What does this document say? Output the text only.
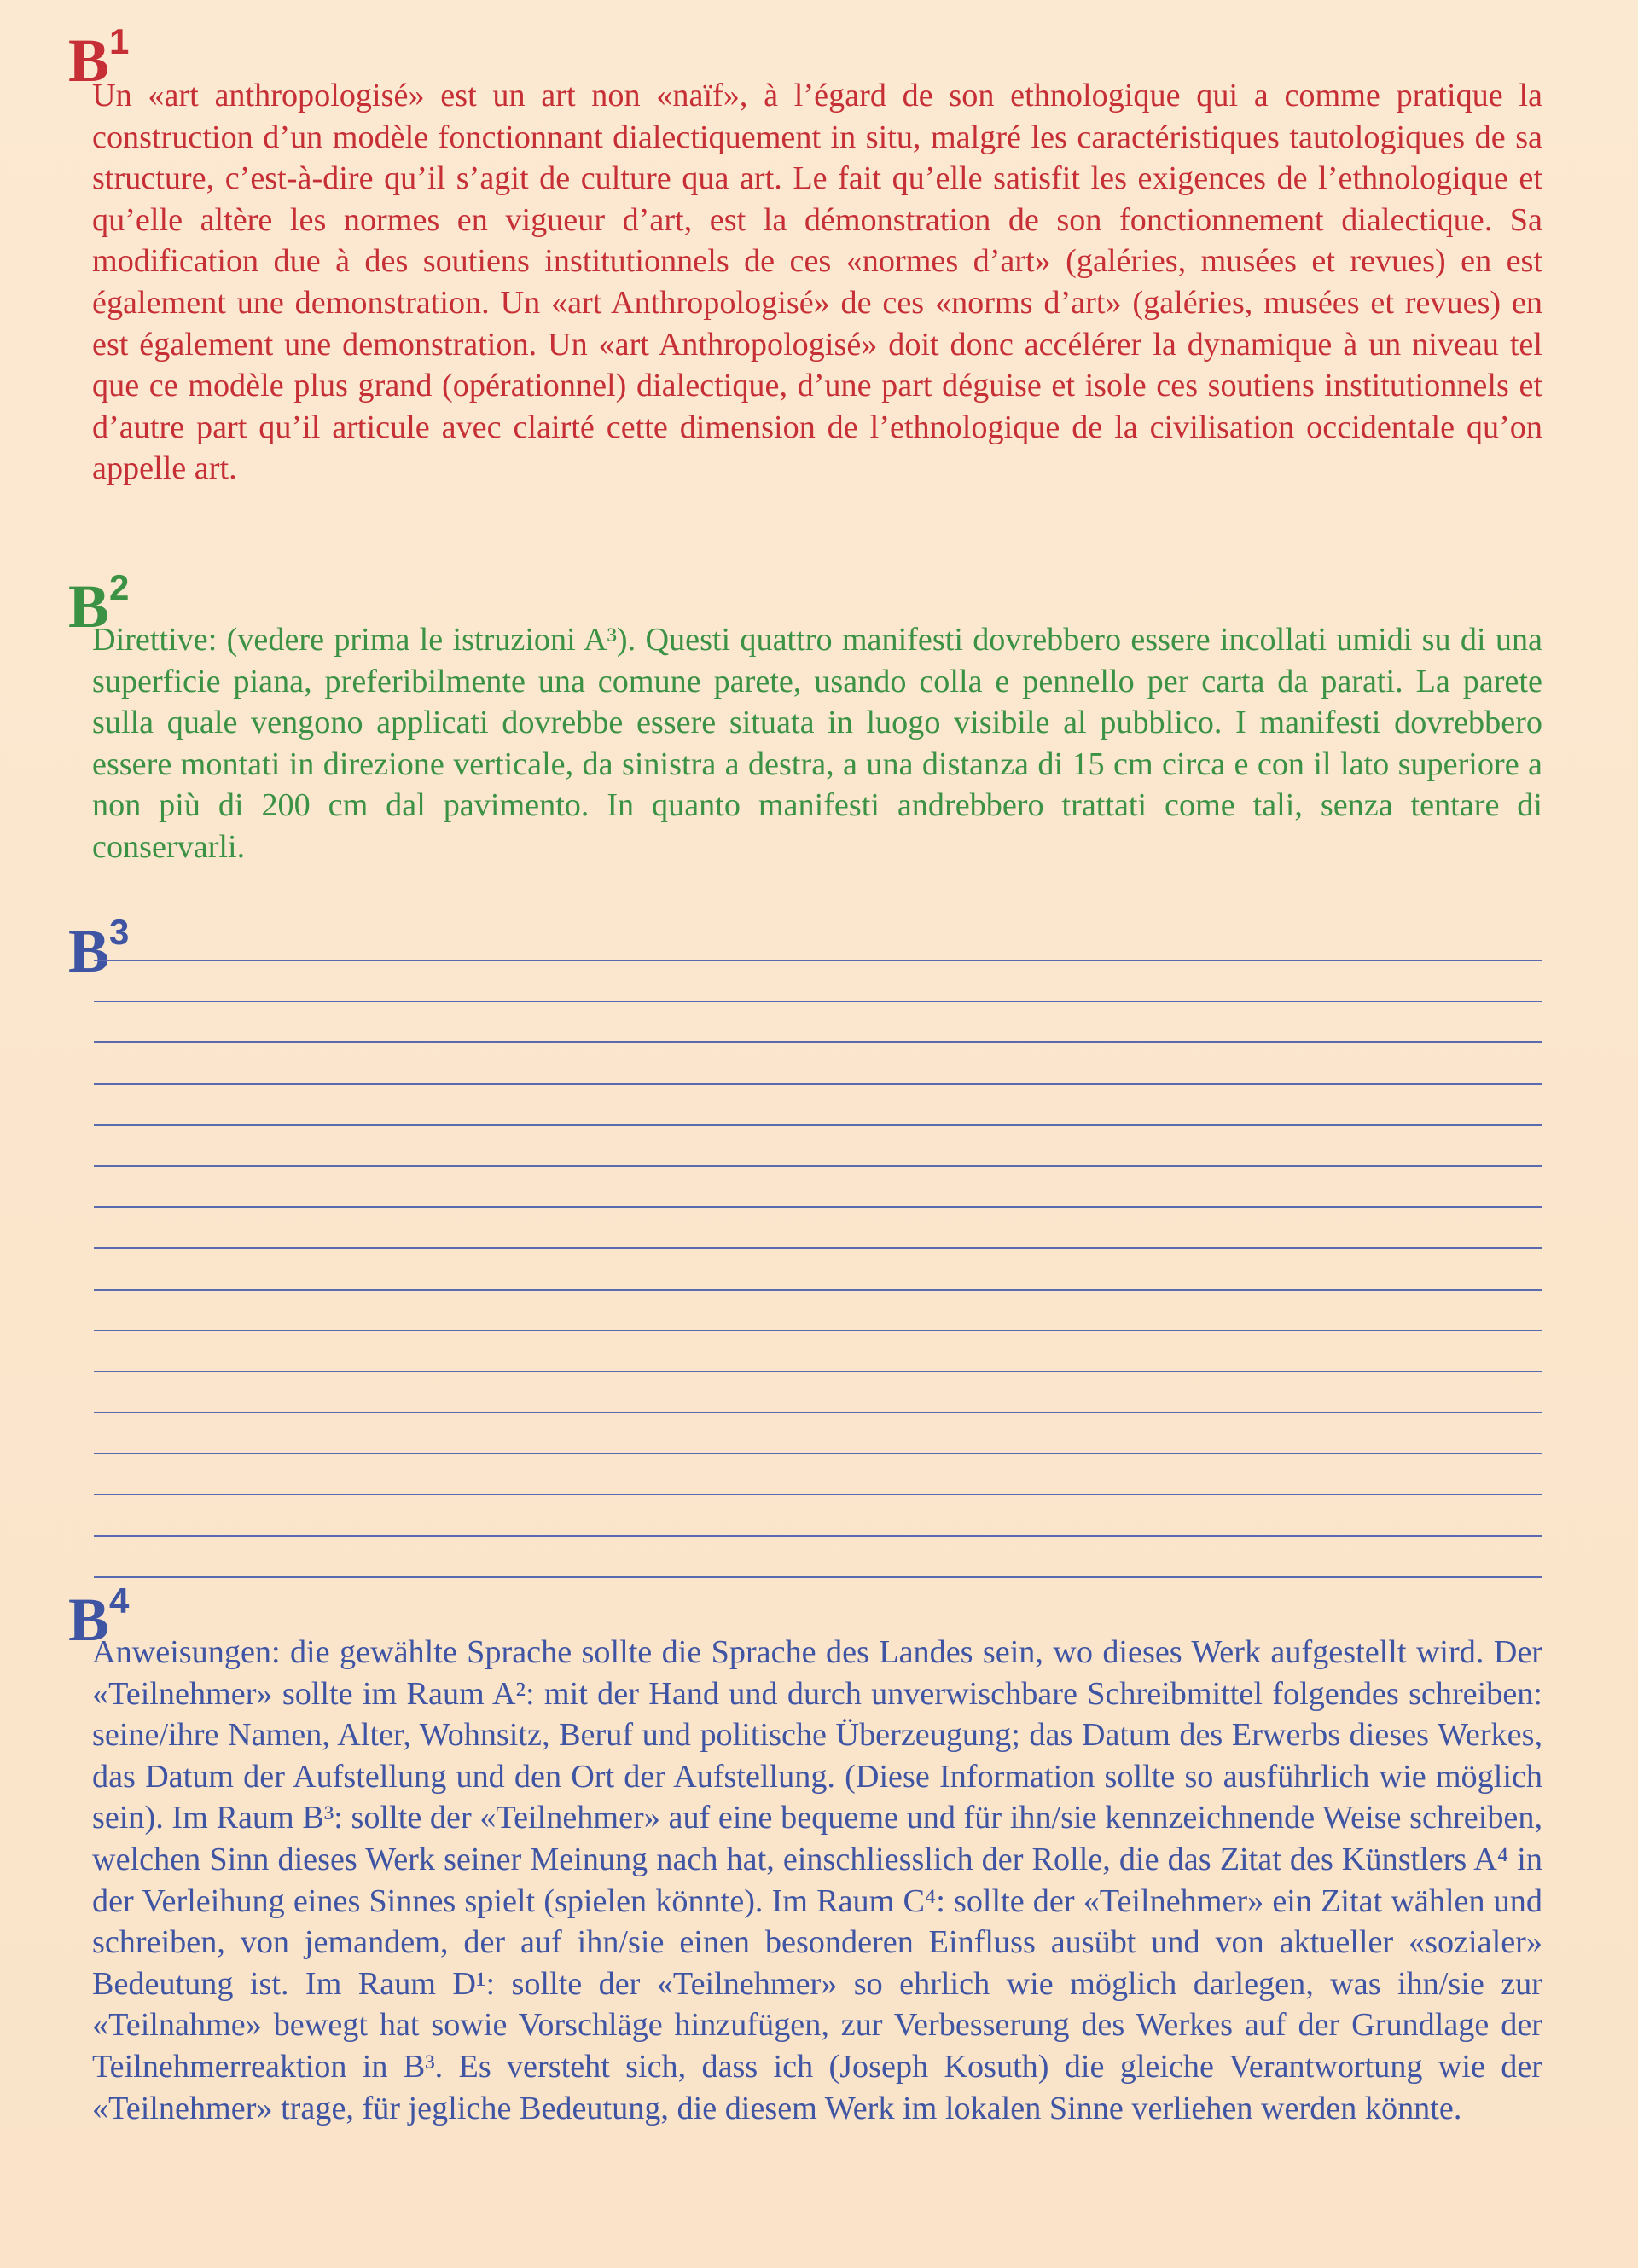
$B^1$

Un «art anthropologisé» est un art non «naïf», à l’égard de son ethnologique qui a comme pratique la construction d’un modèle fonctionnant dialectiquement in situ, malgré les caractéristiques tautologiques de sa structure, c’est-à-dire qu’il s’agit de culture qua art. Le fait qu’elle satisfit les exigences de l’ethnologique et qu’elle altère les normes en vigueur d’art, est la démonstration de son fonctionnement dialectique. Sa modification due à des soutiens institutionnels de ces «normes d’art» (galéries, musées et revues) en est également une demonstration. Un «art Anthropologisé» de ces «norms d’art» (galéries, musées et revues) en est également une demonstration. Un «art Anthropologisé» doit donc accélérer la dynamique à un niveau tel que ce modèle plus grand (opérationnel) dialectique, d’une part déguise et isole ces soutiens institutionnels et d’autre part qu’il articule avec clairté cette dimension de l’ethnologique de la civilisation occidentale qu’on appelle art.

$B^2$

Direttive: (vedere prima le istruzioni A³). Questi quattro manifesti dovrebbero essere incollati umidi su di una superficie piana, preferibilmente una comune parete, usando colla e pennello per carta da parati. La parete sulla quale vengono applicati dovrebbe essere situata in luogo visibile al pubblico. I manifesti dovrebbero essere montati in direzione verticale, da sinistra a destra, a una distanza di 15 cm circa e con il lato superiore a non più di 200 cm dal pavimento. In quanto manifesti andrebbero trattati come tali, senza tentare di conservarli.

$B^3$
$B^4$

Anweisungen: die gewählte Sprache sollte die Sprache des Landes sein, wo dieses Werk aufgestellt wird. Der «Teilnehmer» sollte im Raum A²: mit der Hand und durch unverwischbare Schreibmittel folgendes schreiben: seine/ihre Namen, Alter, Wohnsitz, Beruf und politische Überzeugung; das Datum des Erwerbs dieses Werkes, das Datum der Aufstellung und den Ort der Aufstellung. (Diese Information sollte so ausführlich wie möglich sein). Im Raum B³: sollte der «Teilnehmer» auf eine bequeme und für ihn/sie kennzeichnende Weise schreiben, welchen Sinn dieses Werk seiner Meinung nach hat, einschliesslich der Rolle, die das Zitat des Künstlers A⁴ in der Verleihung eines Sinnes spielt (spielen könnte). Im Raum C⁴: sollte der «Teilnehmer» ein Zitat wählen und schreiben, von jemandem, der auf ihn/sie einen besonderen Einfluss ausübt und von aktueller «sozialer» Bedeutung ist. Im Raum D¹: sollte der «Teilnehmer» so ehrlich wie möglich darlegen, was ihn/sie zur «Teilnahme» bewegt hat sowie Vorschläge hinzufügen, zur Verbesserung des Werkes auf der Grundlage der Teilnehmerreaktion in B³. Es versteht sich, dass ich (Joseph Kosuth) die gleiche Verantwortung wie der «Teilnehmer» trage, für jegliche Bedeutung, die diesem Werk im lokalen Sinne verliehen werden könnte.
